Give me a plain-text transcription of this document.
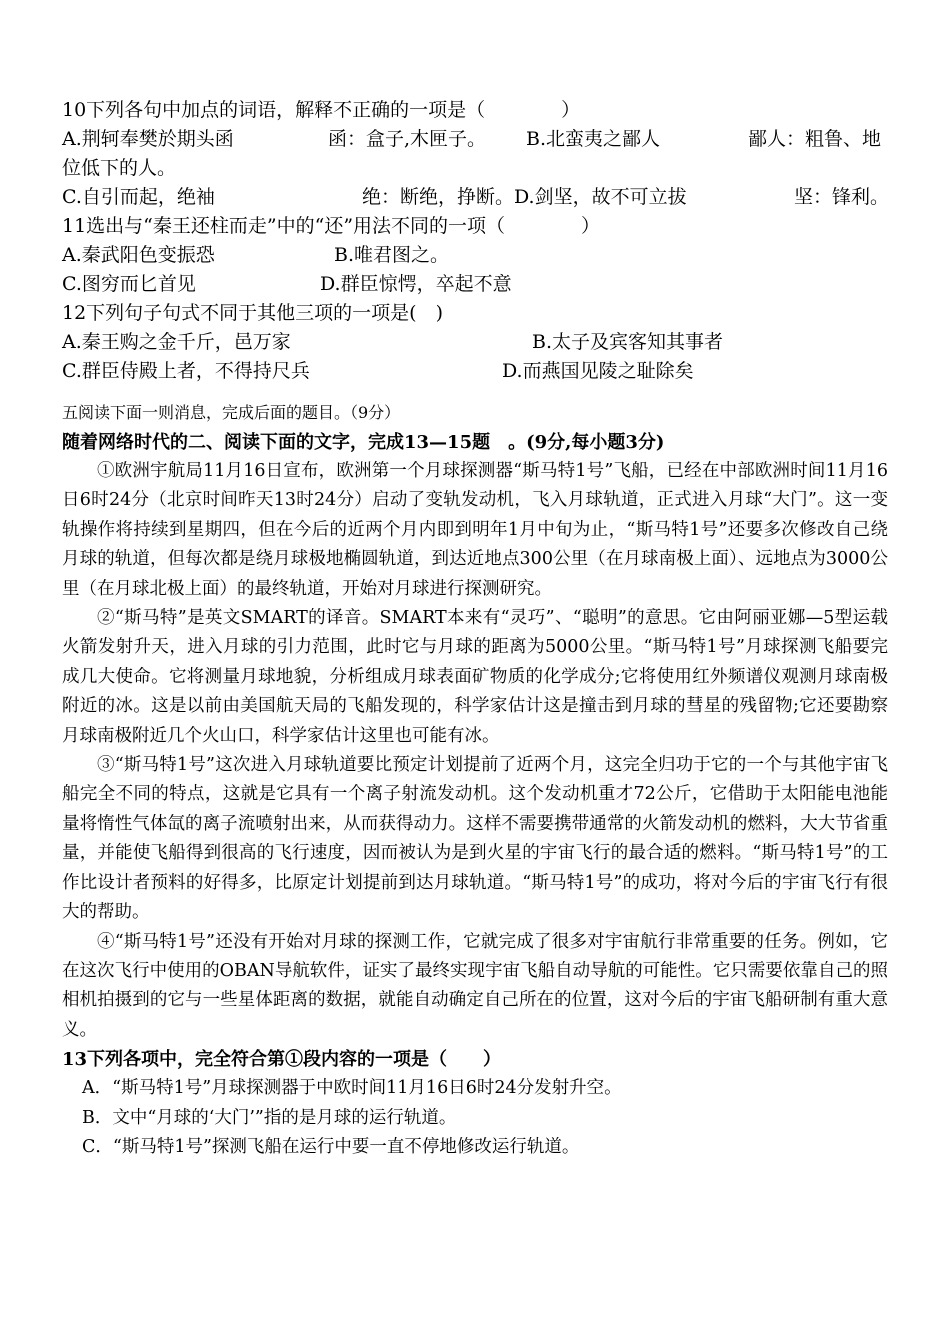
10下列各句中加点的词语，解释不正确的一项是（　　　　）
A.荆轲奉樊於期头函	函：盒子,木匣子。 B.北蛮夷之鄙人	鄙人：粗鲁、地
位低下的人。
C.自引而起，绝袖	绝：断绝，挣断。D.剑坚，故不可立拔	坚：锋利。
11选出与“秦王还柱而走”中的“还”用法不同的一项（　　　　）
A.秦武阳色变振恐	B.唯君图之。
C.图穷而匕首见	D.群臣惊愕，卒起不意
12下列句子句式不同于其他三项的一项是(　)
A.秦王购之金千斤，邑万家	B.太子及宾客知其事者
C.群臣侍殿上者，不得持尺兵	D.而燕国见陵之耻除矣
五阅读下面一则消息，完成后面的题目。（9分）
随着网络时代的二、阅读下面的文字，完成13—15题　。(9分,每小题3分)

①欧洲宇航局11月16日宣布，欧洲第一个月球探测器“斯马特1号”飞船，已经在中部欧洲时间11月16日6时24分（北京时间昨天13时24分）启动了变轨发动机，飞入月球轨道，正式进入月球“大门”。这一变轨操作将持续到星期四，但在今后的近两个月内即到明年1月中旬为止，“斯马特1号”还要多次修改自己绕月球的轨道，但每次都是绕月球极地椭圆轨道，到达近地点300公里（在月球南极上面）、远地点为3000公里（在月球北极上面）的最终轨道，开始对月球进行探测研究。

②“斯马特”是英文SMART的译音。SMART本来有“灵巧”、“聪明”的意思。它由阿丽亚娜—5型运载火箭发射升天，进入月球的引力范围，此时它与月球的距离为5000公里。“斯马特1号”月球探测飞船要完成几大使命。它将测量月球地貌，分析组成月球表面矿物质的化学成分;它将使用红外频谱仪观测月球南极附近的冰。这是以前由美国航天局的飞船发现的，科学家估计这是撞击到月球的彗星的残留物;它还要勘察月球南极附近几个火山口，科学家估计这里也可能有冰。

③“斯马特1号”这次进入月球轨道要比预定计划提前了近两个月，这完全归功于它的一个与其他宇宙飞船完全不同的特点，这就是它具有一个离子射流发动机。这个发动机重才72公斤，它借助于太阳能电池能量将惰性气体氙的离子流喷射出来，从而获得动力。这样不需要携带通常的火箭发动机的燃料，大大节省重量，并能使飞船得到很高的飞行速度，因而被认为是到火星的宇宙飞行的最合适的燃料。“斯马特1号”的工作比设计者预料的好得多，比原定计划提前到达月球轨道。“斯马特1号”的成功，将对今后的宇宙飞行有很大的帮助。

④“斯马特1号”还没有开始对月球的探测工作，它就完成了很多对宇宙航行非常重要的任务。例如，它在这次飞行中使用的OBAN导航软件，证实了最终实现宇宙飞船自动导航的可能性。它只需要依靠自己的照相机拍摄到的它与一些星体距离的数据，就能自动确定自己所在的位置，这对今后的宇宙飞船研制有重大意义。

13下列各项中，完全符合第①段内容的一项是（　　）
A．“斯马特1号”月球探测器于中欧时间11月16日6时24分发射升空。
B．文中“月球的‘大门’”指的是月球的运行轨道。
C．“斯马特1号”探测飞船在运行中要一直不停地修改运行轨道。
